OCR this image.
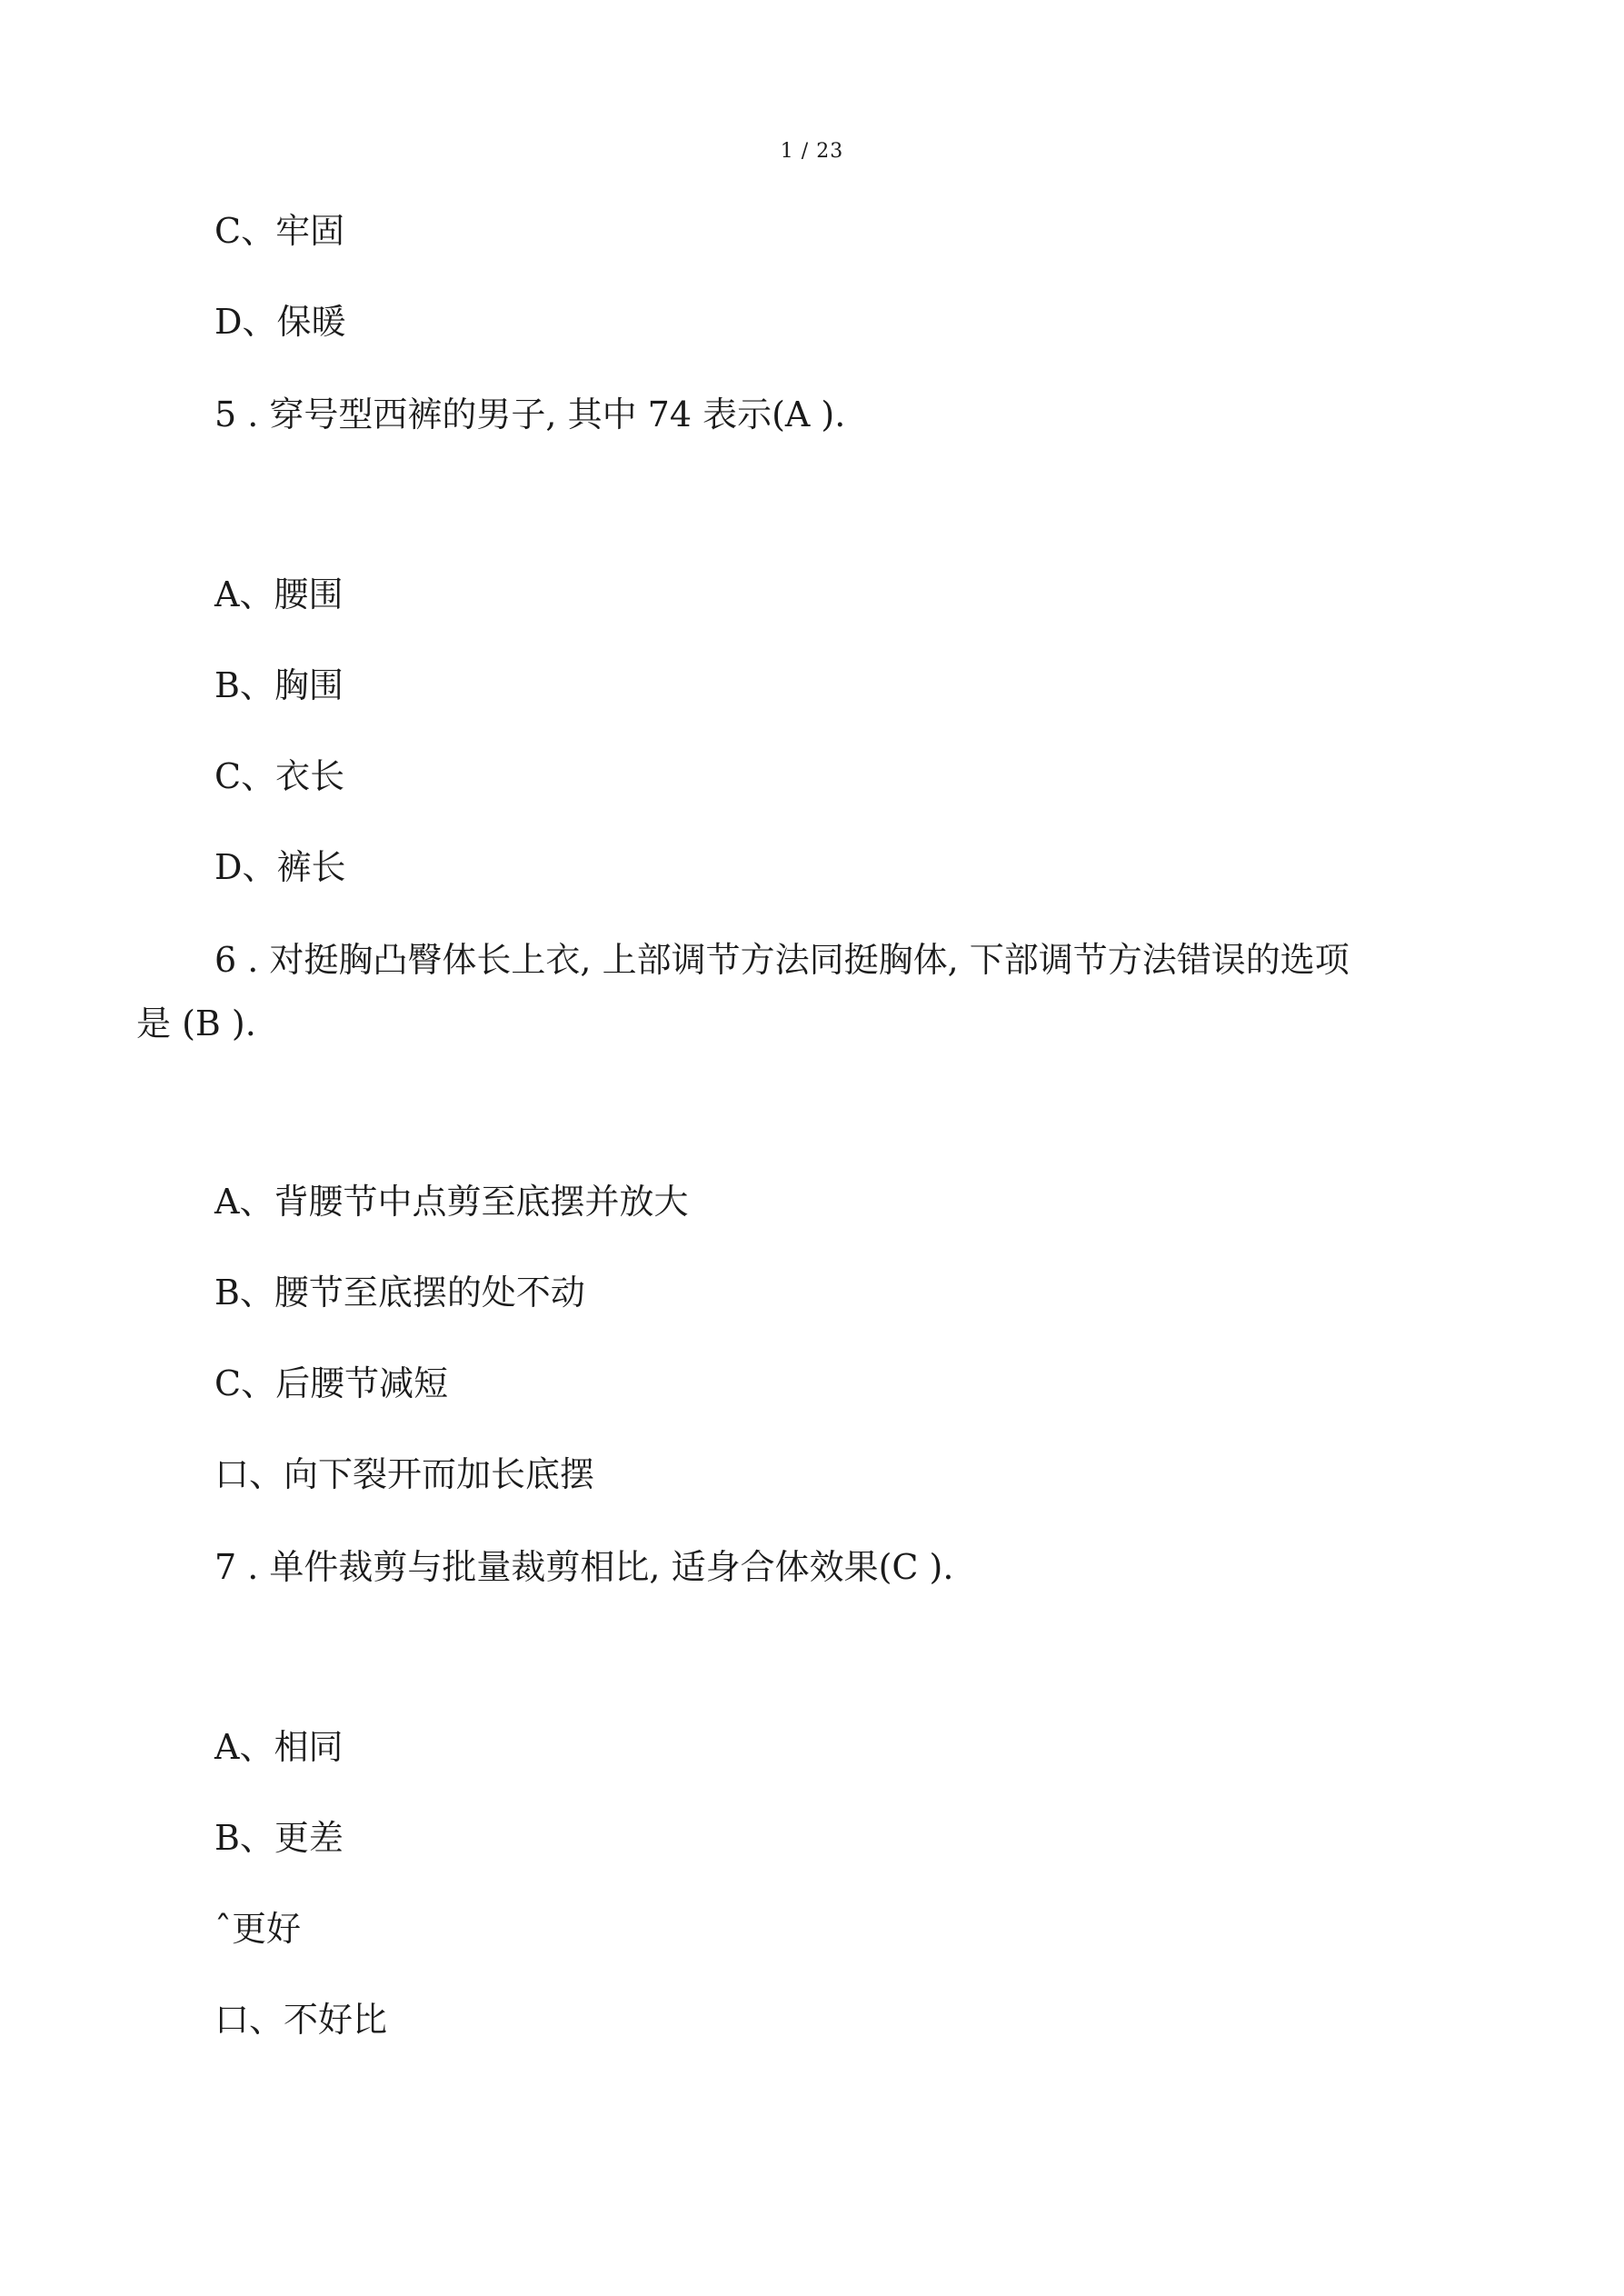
1 / 23
C、牢固
D、保暖
5 . 穿号型西裤的男子, 其中 74 表示(A ).
A、腰围
B、胸围
C、衣长
D、裤长
6 . 对挺胸凸臀体长上衣, 上部调节方法同挺胸体, 下部调节方法错误的选项
是 (B ).
A、背腰节中点剪至底摆并放大
B、腰节至底摆的处不动
C、后腰节减短
口、向下裂开而加长底摆
7 . 单件裁剪与批量裁剪相比, 适身合体效果(C ).
A、相同
B、更差
ˆ更好
口、不好比
